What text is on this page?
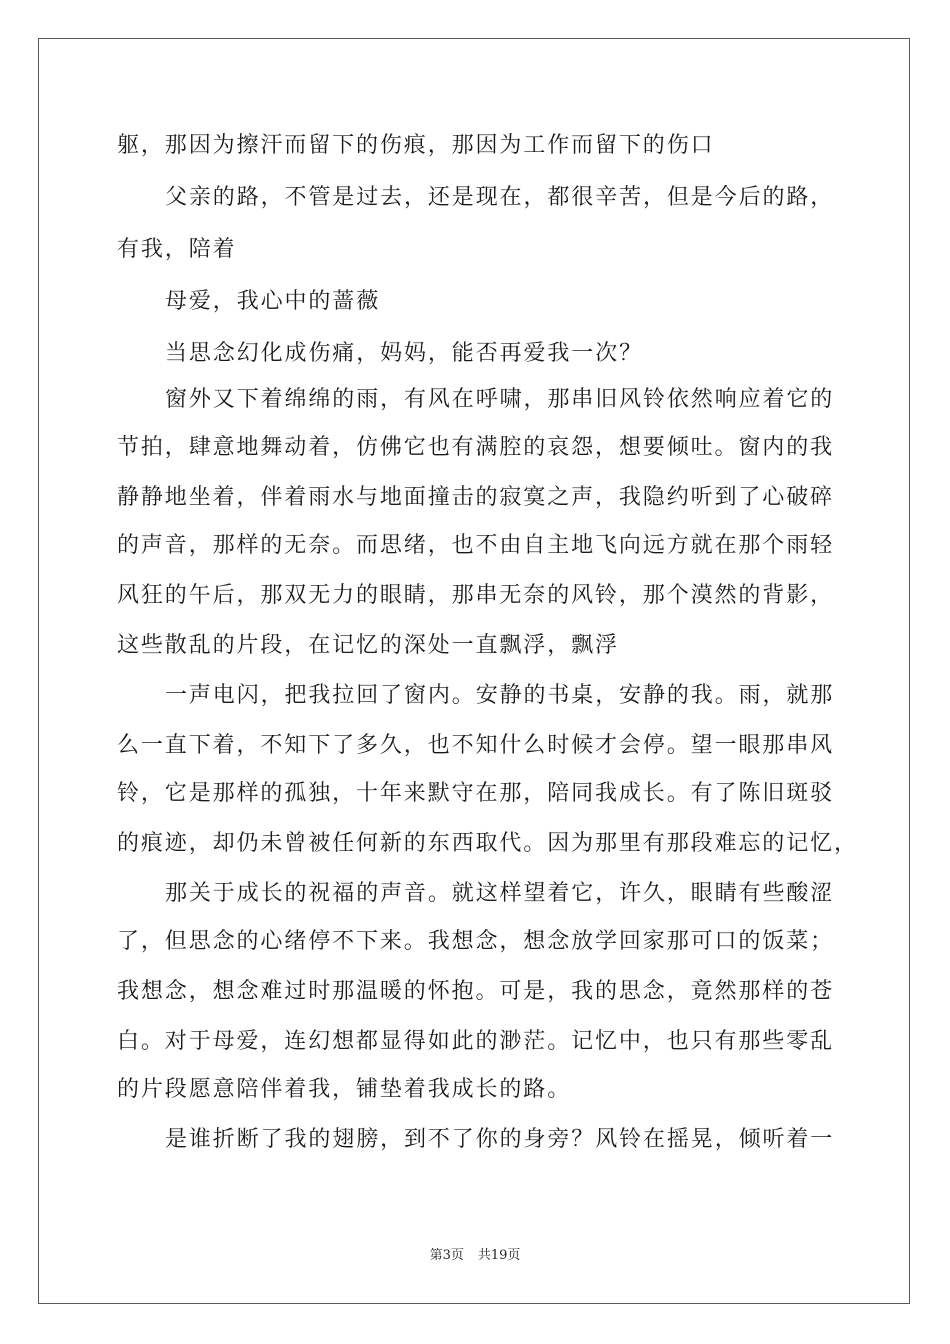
躯，那因为擦汗而留下的伤痕，那因为工作而留下的伤口
父亲的路，不管是过去，还是现在，都很辛苦，但是今后的路，
有我，陪着
母爱，我心中的蔷薇
当思念幻化成伤痛，妈妈，能否再爱我一次？
窗外又下着绵绵的雨，有风在呼啸，那串旧风铃依然响应着它的
节拍，肆意地舞动着，仿佛它也有满腔的哀怨，想要倾吐。窗内的我
静静地坐着，伴着雨水与地面撞击的寂寞之声，我隐约听到了心破碎
的声音，那样的无奈。而思绪，也不由自主地飞向远方就在那个雨轻
风狂的午后，那双无力的眼睛，那串无奈的风铃，那个漠然的背影，
这些散乱的片段，在记忆的深处一直飘浮，飘浮
一声电闪，把我拉回了窗内。安静的书桌，安静的我。雨，就那
么一直下着，不知下了多久，也不知什么时候才会停。望一眼那串风
铃，它是那样的孤独，十年来默守在那，陪同我成长。有了陈旧斑驳
的痕迹，却仍未曾被任何新的东西取代。因为那里有那段难忘的记忆，
那关于成长的祝福的声音。就这样望着它，许久，眼睛有些酸涩
了，但思念的心绪停不下来。我想念，想念放学回家那可口的饭菜；
我想念，想念难过时那温暖的怀抱。可是，我的思念，竟然那样的苍
白。对于母爱，连幻想都显得如此的渺茫。记忆中，也只有那些零乱
的片段愿意陪伴着我，铺垫着我成长的路。
是谁折断了我的翅膀，到不了你的身旁？风铃在摇晃，倾听着一
第3页 共19页
